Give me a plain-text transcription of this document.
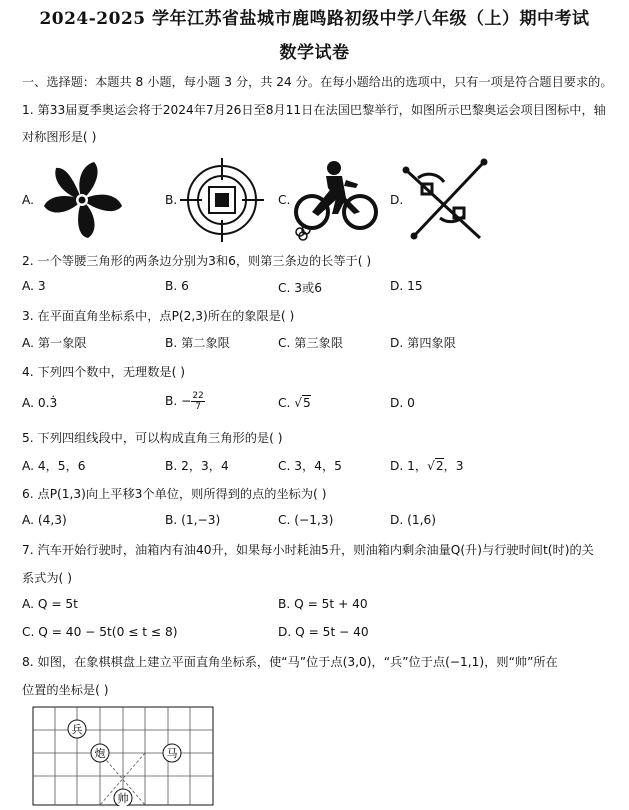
2024-2025 学年江苏省盐城市鹿鸣路初级中学八年级（上）期中考试
数学试卷
一、选择题：本题共 8 小题，每小题 3 分，共 24 分。在每小题给出的选项中，只有一项是符合题目要求的。
1. 第33届夏季奥运会将于2024年7月26日至8月11日在法国巴黎举行，如图所示巴黎奥运会项目图标中，轴
对称图形是( )
A.	B.	C.	D.
2. 一个等腰三角形的两条边分别为3和6，则第三条边的长等于( )
A. 3	B. 6	C. 3或6	D. 15
3. 在平面直角坐标系中，点P(2,3)所在的象限是( )
A. 第一象限	B. 第二象限	C. 第三象限	D. 第四象限
4. 下列四个数中，无理数是( )
A. 0.3̇	B. − $\frac{22}{7}$	C. √5	D. 0
5. 下列四组线段中，可以构成直角三角形的是( )
A. 4，5，6	B. 2，3，4	C. 3，4，5	D. 1，√2，3
6. 点P(1,3)向上平移3个单位，则所得到的点的坐标为( )
A. (4,3)	B. (1,−3)	C. (−1,3)	D. (1,6)
7. 汽车开始行驶时，油箱内有油40升，如果每小时耗油5升，则油箱内剩余油量Q(升)与行驶时间t(时)的关
系式为( )
A. Q = 5t	B. Q = 5t + 40
C. Q = 40 − 5t(0 ≤ t ≤ 8)	D. Q = 5t − 40
8. 如图，在象棋棋盘上建立平面直角坐标系，使“马”位于点(3,0)，“兵”位于点(−1,1)，则“帅”所在
位置的坐标是( )
兵
炮	马
帅
